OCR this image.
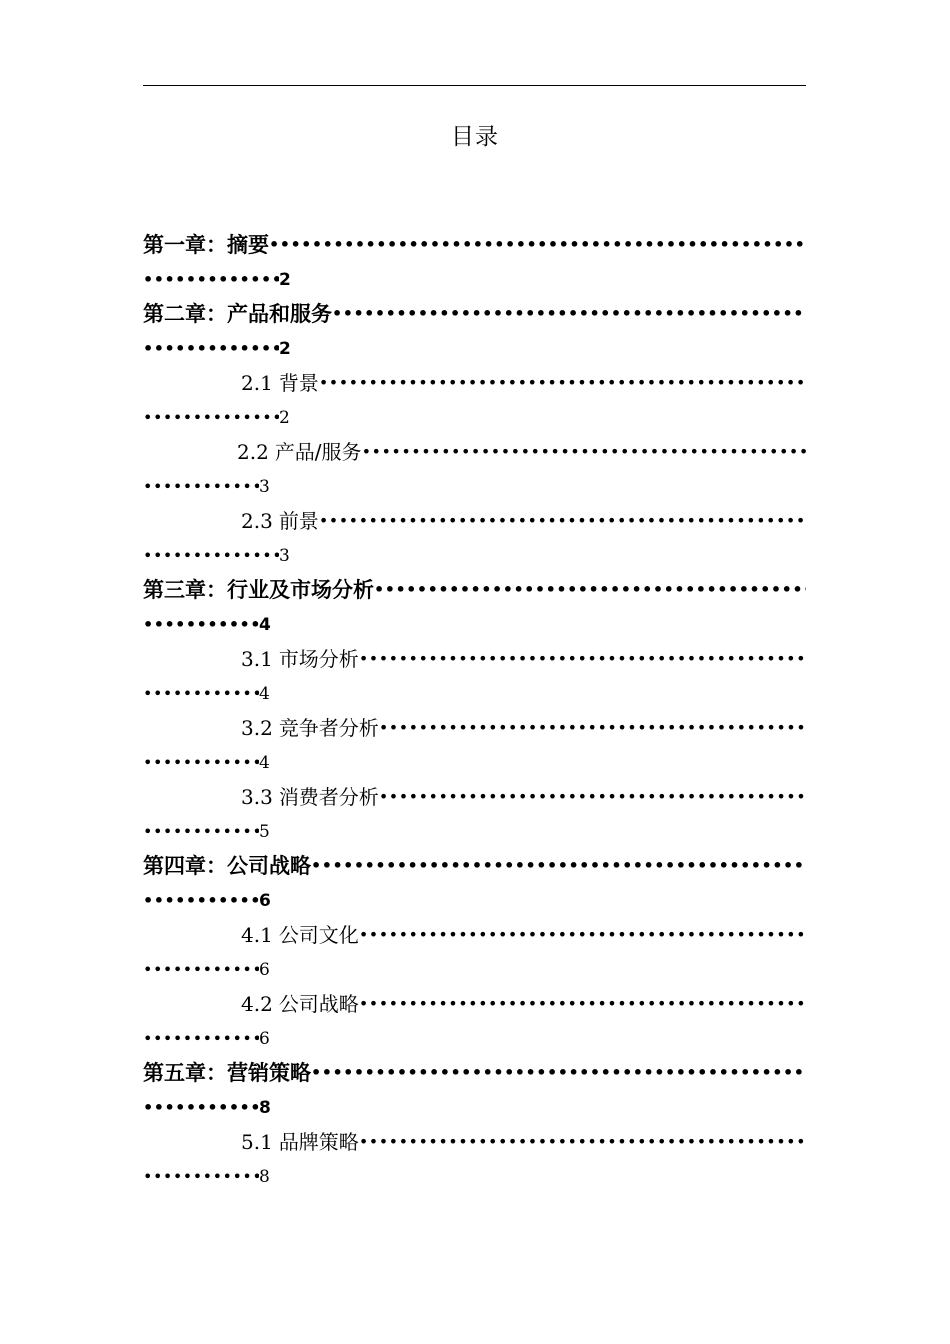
目录
第一章：摘要
•••••
•••••2
第二章：产品和服务
•••••
•••••2
2.1 背景
•••••
•••••2
2.2 产品/服务
•••••
•••••3
2.3 前景
•••••
•••••3
第三章：行业及市场分析
•••••
•••••4
3.1 市场分析
•••••
•••••4
3.2 竞争者分析
•••••
•••••4
3.3 消费者分析
•••••
•••••5
第四章：公司战略
•••••
•••••6
4.1 公司文化
•••••
•••••6
4.2 公司战略
•••••
•••••6
第五章：营销策略
•••••
•••••8
5.1 品牌策略
•••••
•••••8
